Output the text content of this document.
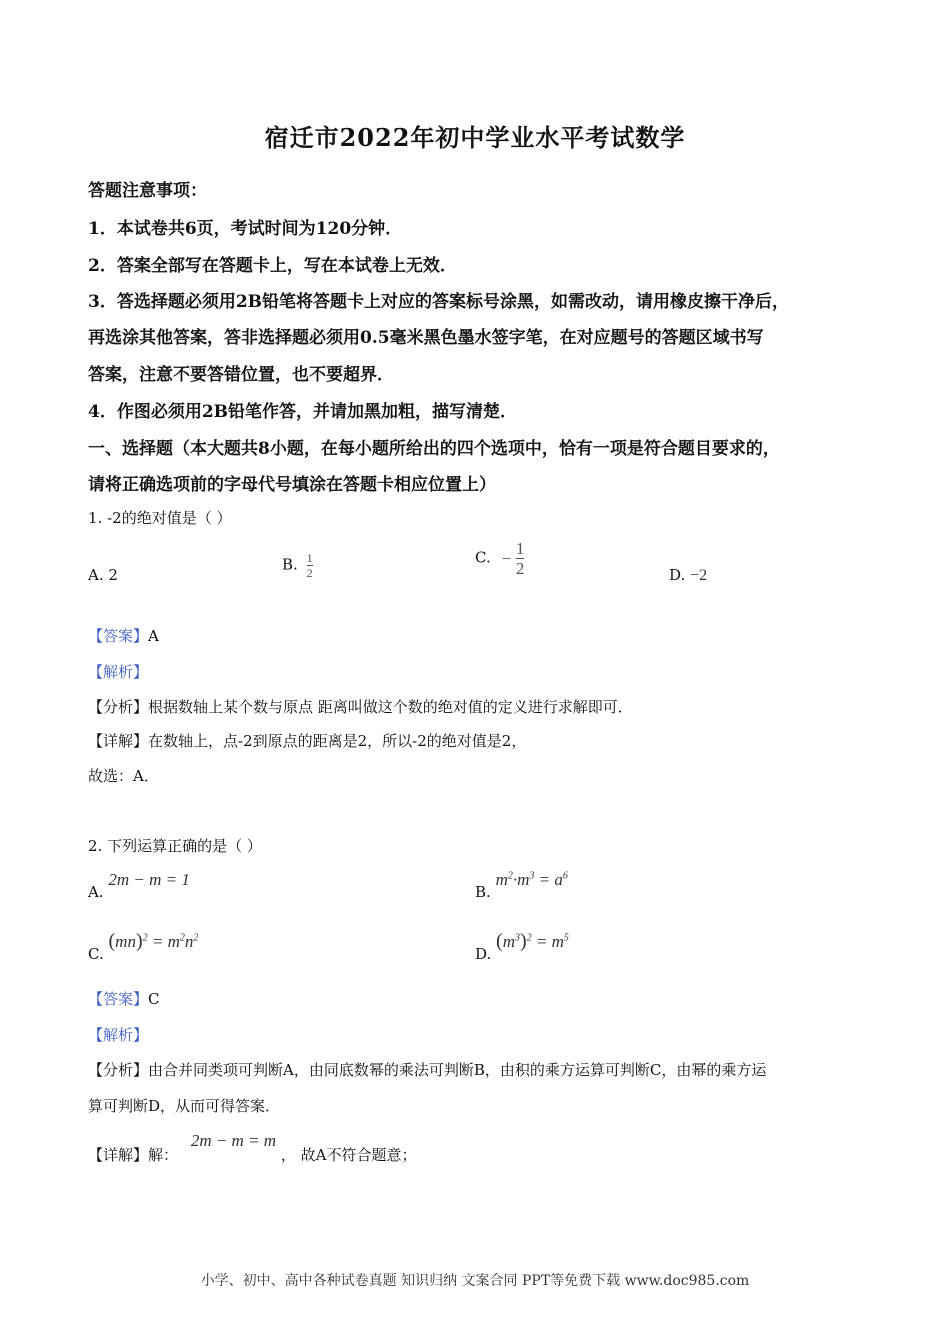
宿迁市2022年初中学业水平考试数学
答题注意事项：
1．本试卷共6页，考试时间为120分钟．
2．答案全部写在答题卡上，写在本试卷上无效．
3．答选择题必须用2B铅笔将答题卡上对应的答案标号涂黑，如需改动，请用橡皮擦干净后，
再选涂其他答案，答非选择题必须用0.5毫米黑色墨水签字笔，在对应题号的答题区域书写
答案，注意不要答错位置，也不要超界．
4．作图必须用2B铅笔作答，并请加黑加粗，描写清楚．
一、选择题（本大题共8小题，在每小题所给出的四个选项中，恰有一项是符合题目要求的，
请将正确选项前的字母代号填涂在答题卡相应位置上）
1. -2的绝对值是（ ）
A. 2
B. $\frac{1}{2}$	C. − $\frac{1}{2}$	D. −2
【答案】A
【解析】
【分析】根据数轴上某个数与原点 距离叫做这个数的绝对值的定义进行求解即可．
【详解】在数轴上，点-2到原点的距离是2，所以-2的绝对值是2，
故选：A．
2. 下列运算正确的是（ ）
A. 2m − m = 1
B. $m^2\cdot m^3 = a^6$
C. $(mn)^2 = m^2n^2$
D. $(m^3)^2 = m^5$
【答案】C
【解析】
【分析】由合并同类项可判断A，由同底数幂的乘法可判断B，由积的乘方运算可判断C，由幂的乘方运
算可判断D，从而可得答案．
【详解】解： 2m − m = m ， 故A不符合题意；
小学、初中、高中各种试卷真题 知识归纳 文案合同 PPT等免费下载 www.doc985.com
